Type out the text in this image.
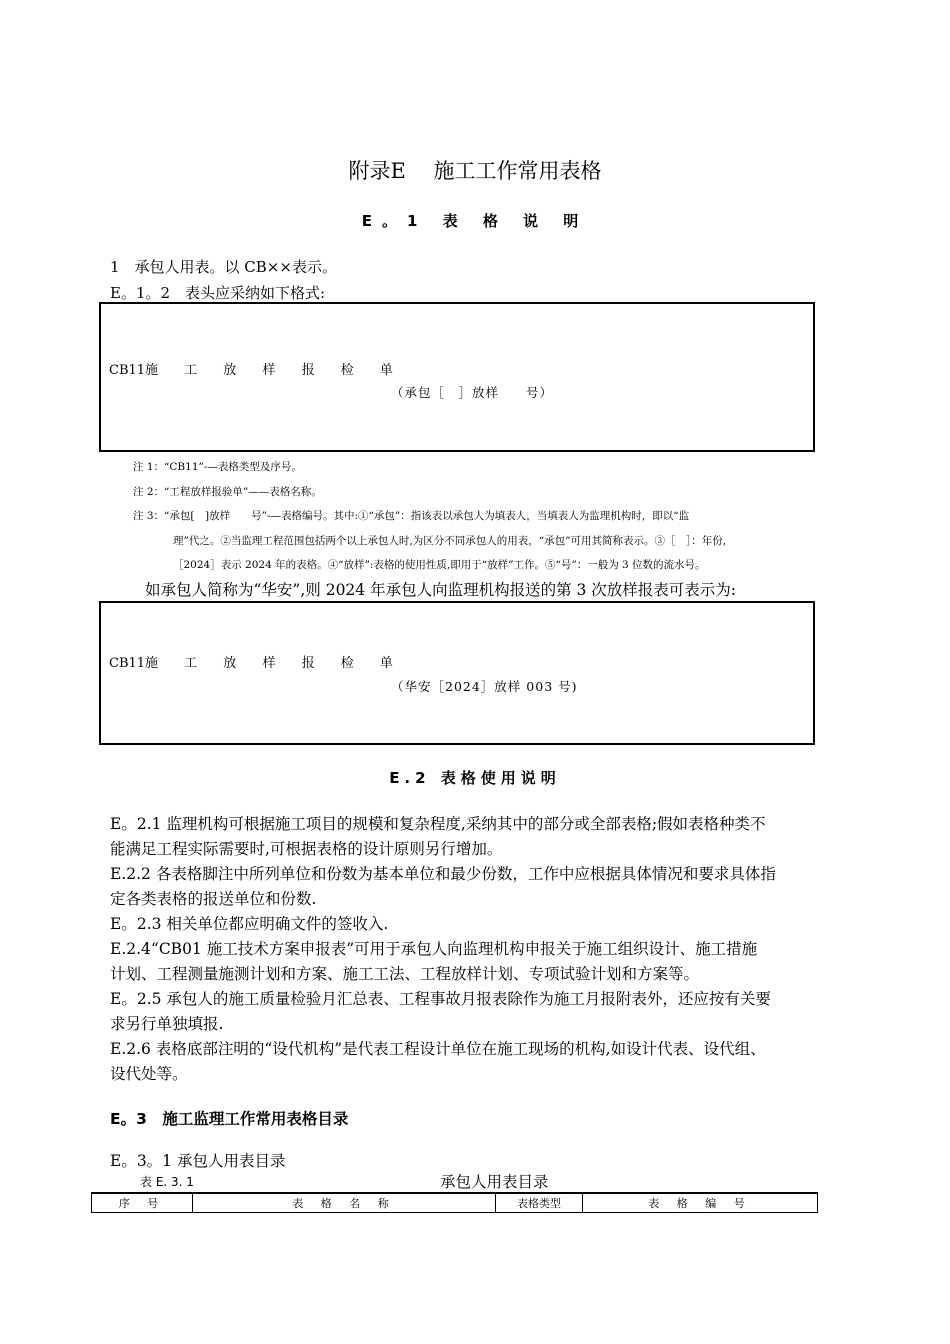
附录E　 施工工作常用表格
E。1 表 格 说 明
1　承包人用表。以 CB××表示。
E。1。2　表头应采纳如下格式:
CB11施 工 放 样 报 检 单
（承包［　］放样　　号）
注 1：“CB11”-—表格类型及序号。
注 2：“工程放样报验单”——表格名称。
注 3：“承包[　]放样　　号”-—表格编号。其中:①“承包”：指该表以承包人为填表人，当填表人为监理机构时，即以“监
理”代之。②当监理工程范围包括两个以上承包人时,为区分不同承包人的用表，“承包”可用其简称表示。③［　］：年份,
［2024］表示 2024 年的表格。④“放样”:表格的使用性质,即用于“放样”工作。⑤“号”：一般为 3 位数的流水号。
如承包人简称为“华安”,则 2024 年承包人向监理机构报送的第 3 次放样报表可表示为:
CB11施 工 放 样 报 检 单
（华安［2024］放样 003 号)
E.2 表格使用说明
E。2.1 监理机构可根据施工项目的规模和复杂程度,采纳其中的部分或全部表格;假如表格种类不
能满足工程实际需要时,可根据表格的设计原则另行增加。
E.2.2 各表格脚注中所列单位和份数为基本单位和最少份数，工作中应根据具体情况和要求具体指
定各类表格的报送单位和份数.
E。2.3 相关单位都应明确文件的签收入.
E.2.4“CB01 施工技术方案申报表”可用于承包人向监理机构申报关于施工组织设计、施工措施
计划、工程测量施测计划和方案、施工工法、工程放样计划、专项试验计划和方案等。
E。2.5 承包人的施工质量检验月汇总表、工程事故月报表除作为施工月报附表外，还应按有关要
求另行单独填报.
E.2.6 表格底部注明的“设代机构”是代表工程设计单位在施工现场的机构,如设计代表、设代组、
设代处等。
E。3　施工监理工作常用表格目录
E。3。1 承包人用表目录
表 E. 3. 1	承包人用表目录
序 号	表 格 名 称	表格类型	表 格 编 号
